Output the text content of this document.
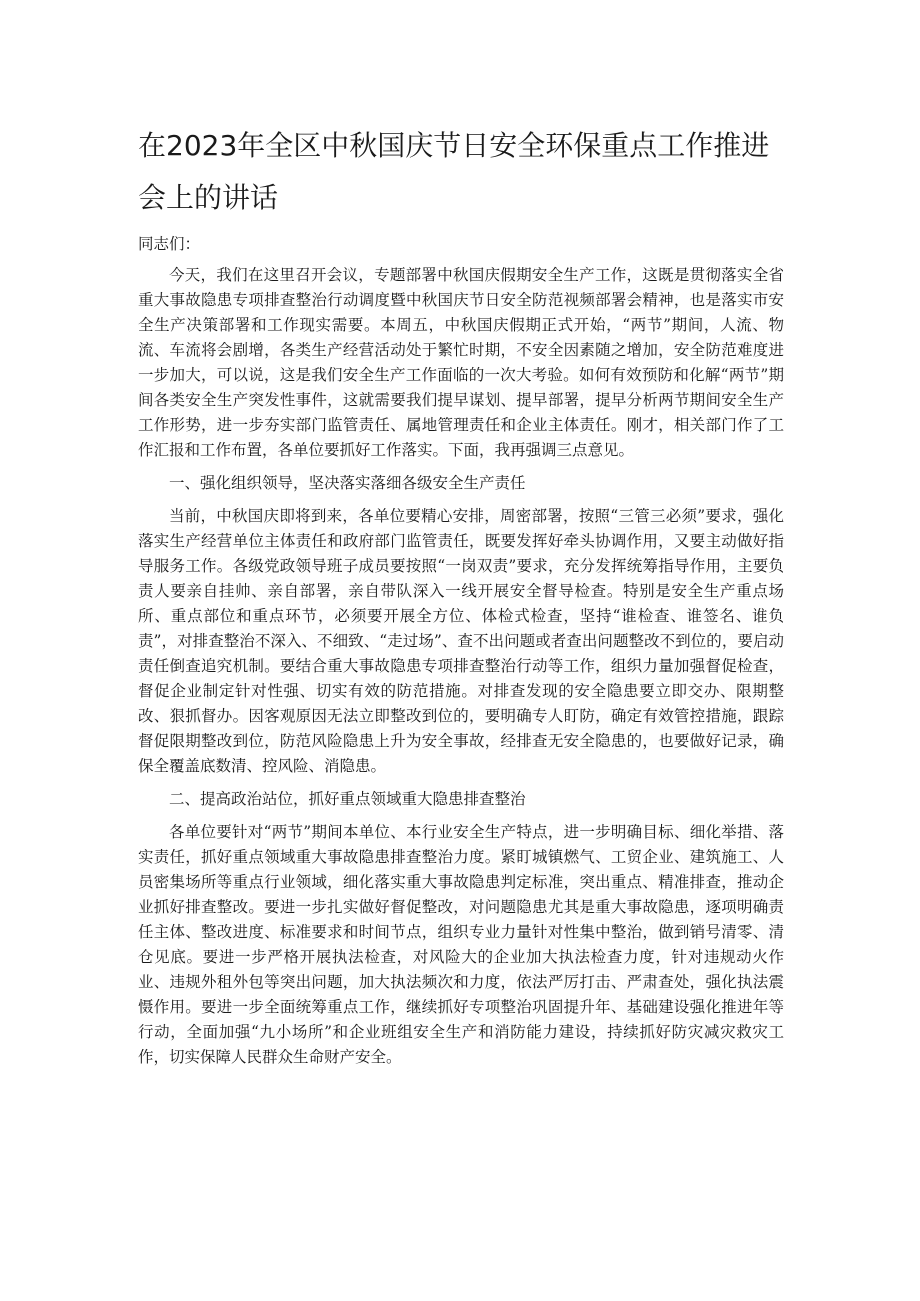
在2023年全区中秋国庆节日安全环保重点工作推进会上的讲话

同志们：

今天，我们在这里召开会议，专题部署中秋国庆假期安全生产工作，这既是贯彻落实全省重大事故隐患专项排查整治行动调度暨中秋国庆节日安全防范视频部署会精神，也是落实市安全生产决策部署和工作现实需要。本周五，中秋国庆假期正式开始，“两节”期间，人流、物流、车流将会剧增，各类生产经营活动处于繁忙时期，不安全因素随之增加，安全防范难度进一步加大，可以说，这是我们安全生产工作面临的一次大考验。如何有效预防和化解“两节”期间各类安全生产突发性事件，这就需要我们提早谋划、提早部署，提早分析两节期间安全生产工作形势，进一步夯实部门监管责任、属地管理责任和企业主体责任。刚才，相关部门作了工作汇报和工作布置，各单位要抓好工作落实。下面，我再强调三点意见。

一、强化组织领导，坚决落实落细各级安全生产责任

当前，中秋国庆即将到来，各单位要精心安排，周密部署，按照“三管三必须”要求，强化落实生产经营单位主体责任和政府部门监管责任，既要发挥好牵头协调作用，又要主动做好指导服务工作。各级党政领导班子成员要按照“一岗双责”要求，充分发挥统筹指导作用，主要负责人要亲自挂帅、亲自部署，亲自带队深入一线开展安全督导检查。特别是安全生产重点场所、重点部位和重点环节，必须要开展全方位、体检式检查，坚持“谁检查、谁签名、谁负责”，对排查整治不深入、不细致、“走过场”、查不出问题或者查出问题整改不到位的，要启动责任倒查追究机制。要结合重大事故隐患专项排查整治行动等工作，组织力量加强督促检查，督促企业制定针对性强、切实有效的防范措施。对排查发现的安全隐患要立即交办、限期整改、狠抓督办。因客观原因无法立即整改到位的，要明确专人盯防，确定有效管控措施，跟踪督促限期整改到位，防范风险隐患上升为安全事故，经排查无安全隐患的，也要做好记录，确保全覆盖底数清、控风险、消隐患。

二、提高政治站位，抓好重点领域重大隐患排查整治

各单位要针对“两节”期间本单位、本行业安全生产特点，进一步明确目标、细化举措、落实责任，抓好重点领域重大事故隐患排查整治力度。紧盯城镇燃气、工贸企业、建筑施工、人员密集场所等重点行业领域，细化落实重大事故隐患判定标准，突出重点、精准排查，推动企业抓好排查整改。要进一步扎实做好督促整改，对问题隐患尤其是重大事故隐患，逐项明确责任主体、整改进度、标准要求和时间节点，组织专业力量针对性集中整治，做到销号清零、清仓见底。要进一步严格开展执法检查，对风险大的企业加大执法检查力度，针对违规动火作业、违规外租外包等突出问题，加大执法频次和力度，依法严厉打击、严肃查处，强化执法震慑作用。要进一步全面统筹重点工作，继续抓好专项整治巩固提升年、基础建设强化推进年等行动，全面加强“九小场所”和企业班组安全生产和消防能力建设，持续抓好防灾减灾救灾工作，切实保障人民群众生命财产安全。
